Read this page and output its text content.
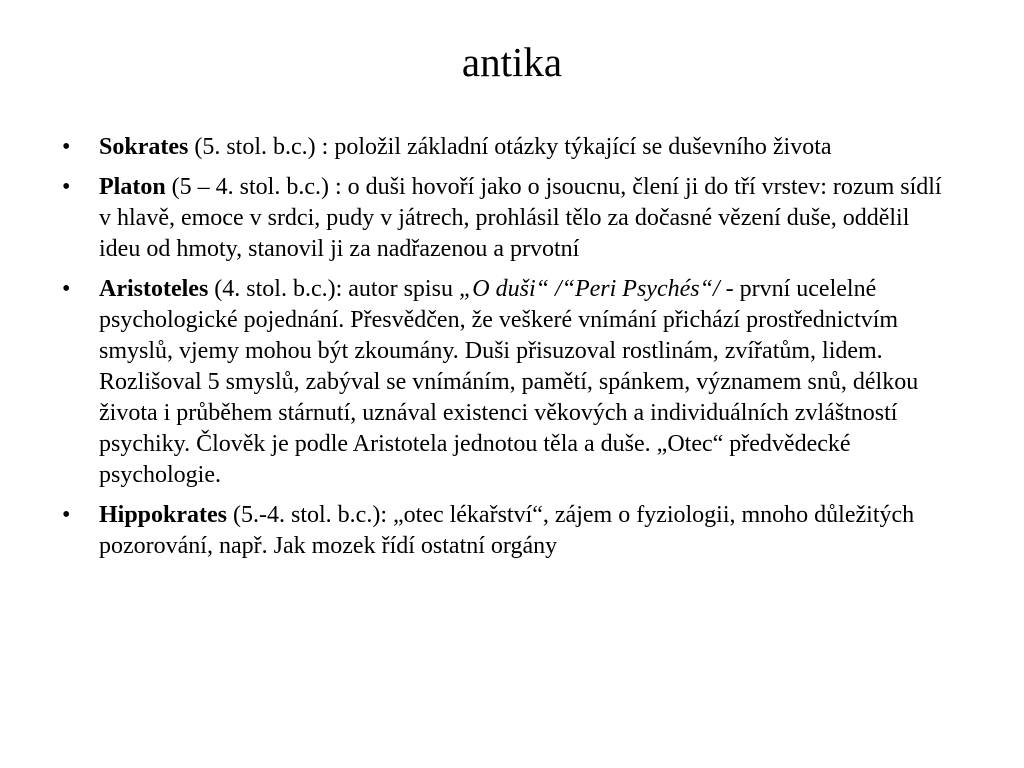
antika
•	Sokrates (5. stol. b.c.) : položil základní otázky týkající se duševního života
•	Platon (5 – 4. stol. b.c.) : o duši hovoří jako o jsoucnu, člení ji do tří vrstev: rozum sídlí v hlavě, emoce v srdci, pudy v játrech, prohlásil tělo za dočasné vězení duše, oddělil ideu od hmoty, stanovil ji za nadřazenou a prvotní
•	Aristoteles (4. stol. b.c.): autor spisu „O duši“ /“Peri Psychés“/ - první ucelelné psychologické pojednání. Přesvědčen, že veškeré vnímání přichází prostřednictvím smyslů, vjemy mohou být zkoumány. Duši přisuzoval rostlinám, zvířatům, lidem. Rozlišoval 5 smyslů, zabýval se vnímáním, pamětí, spánkem, významem snů, délkou života i průběhem stárnutí, uznával existenci věkových a individuálních zvláštností psychiky. Člověk je podle Aristotela jednotou těla a duše. „Otec“ předvědecké psychologie.
•	Hippokrates (5.-4. stol. b.c.): „otec lékařství“, zájem o fyziologii, mnoho důležitých pozorování, např. Jak mozek řídí ostatní orgány
